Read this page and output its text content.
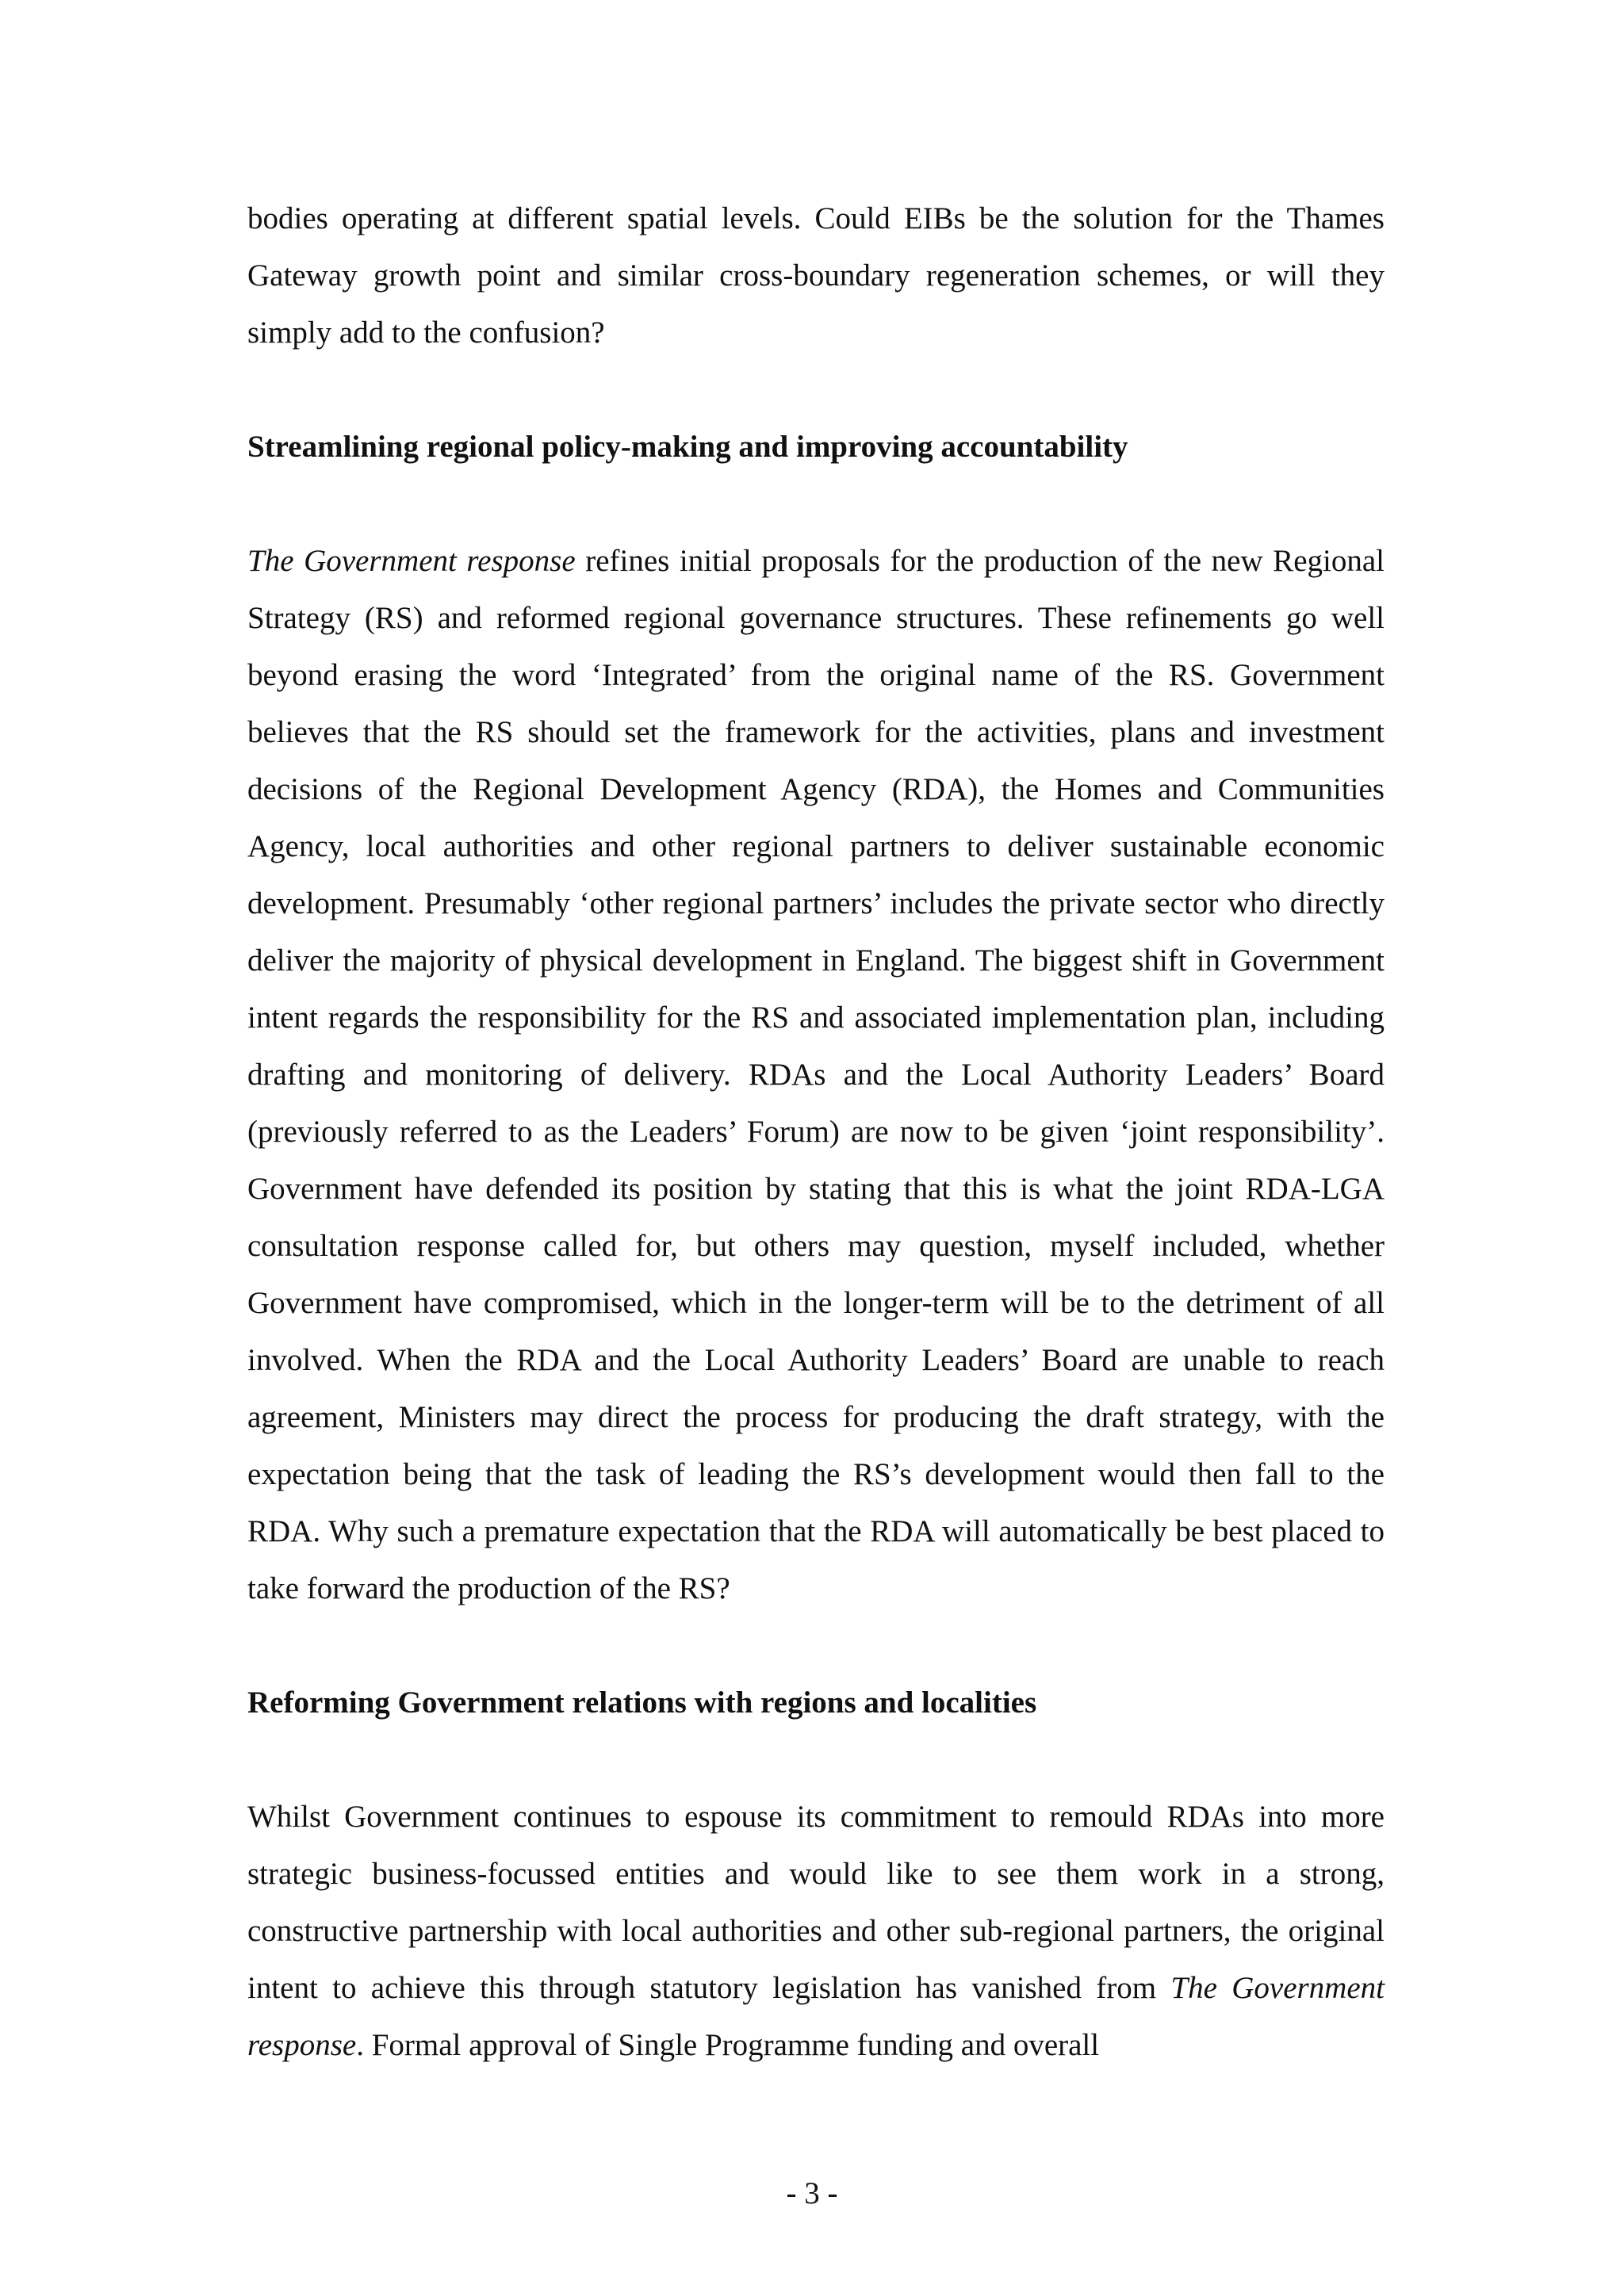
bodies operating at different spatial levels. Could EIBs be the solution for the Thames Gateway growth point and similar cross-boundary regeneration schemes, or will they simply add to the confusion?

Streamlining regional policy-making and improving accountability

The Government response refines initial proposals for the production of the new Regional Strategy (RS) and reformed regional governance structures. These refinements go well beyond erasing the word ‘Integrated’ from the original name of the RS. Government believes that the RS should set the framework for the activities, plans and investment decisions of the Regional Development Agency (RDA), the Homes and Communities Agency, local authorities and other regional partners to deliver sustainable economic development. Presumably ‘other regional partners’ includes the private sector who directly deliver the majority of physical development in England. The biggest shift in Government intent regards the responsibility for the RS and associated implementation plan, including drafting and monitoring of delivery. RDAs and the Local Authority Leaders’ Board (previously referred to as the Leaders’ Forum) are now to be given ‘joint responsibility’. Government have defended its position by stating that this is what the joint RDA-LGA consultation response called for, but others may question, myself included, whether Government have compromised, which in the longer-term will be to the detriment of all involved. When the RDA and the Local Authority Leaders’ Board are unable to reach agreement, Ministers may direct the process for producing the draft strategy, with the expectation being that the task of leading the RS’s development would then fall to the RDA. Why such a premature expectation that the RDA will automatically be best placed to take forward the production of the RS?

Reforming Government relations with regions and localities

Whilst Government continues to espouse its commitment to remould RDAs into more strategic business-focussed entities and would like to see them work in a strong, constructive partnership with local authorities and other sub-regional partners, the original intent to achieve this through statutory legislation has vanished from The Government response. Formal approval of Single Programme funding and overall

- 3 -
